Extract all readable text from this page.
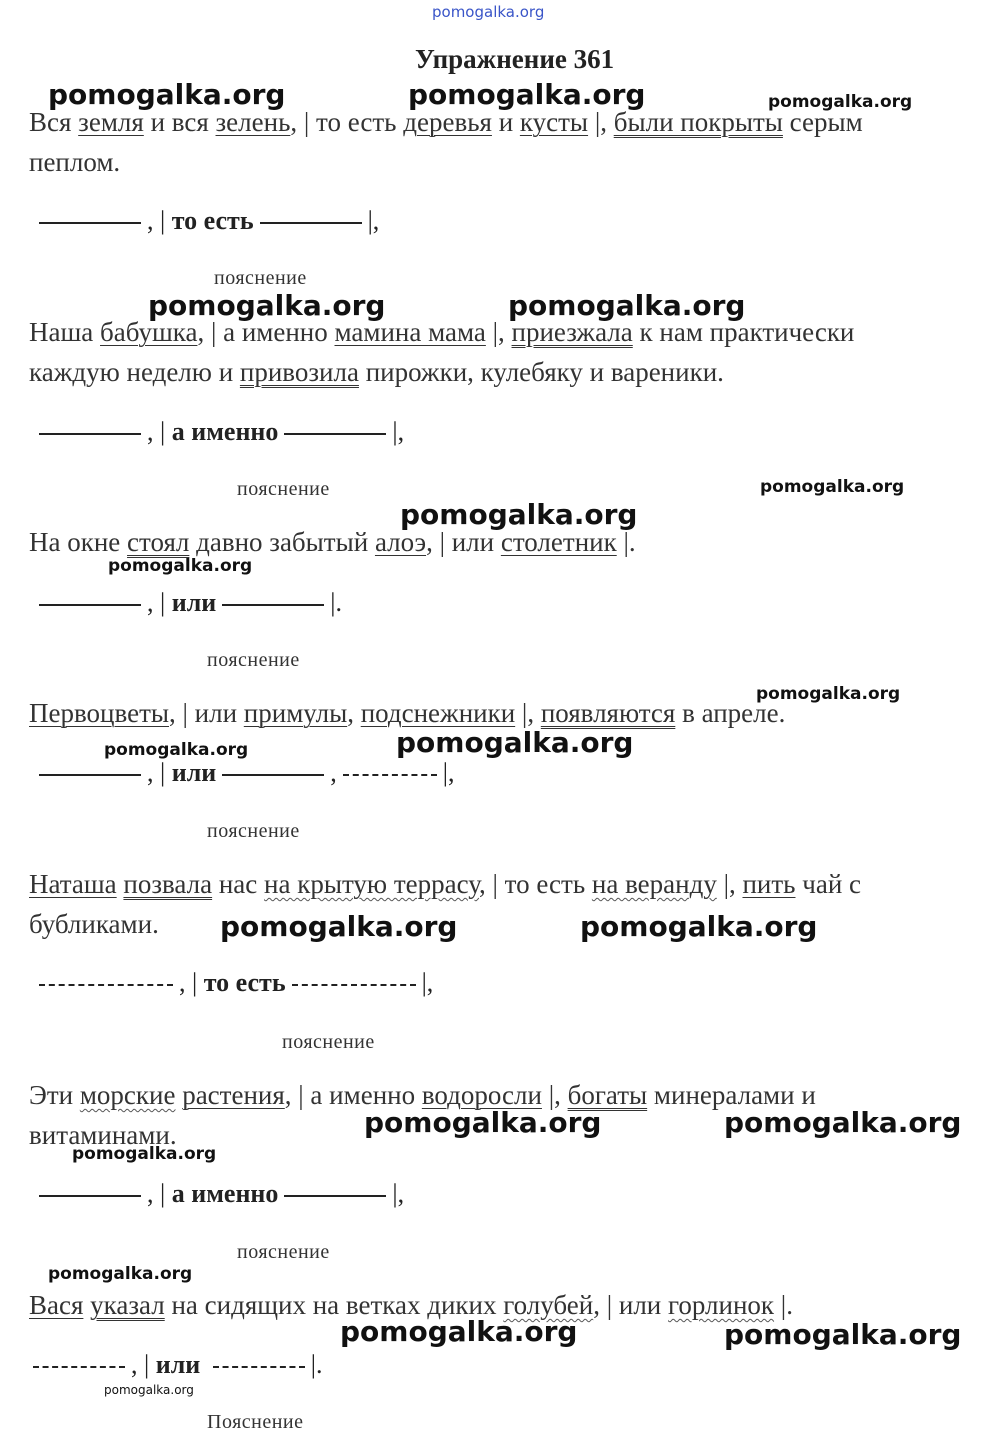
pomogalka.org
Упражнение 361
Вся земля и вся зелень, | то есть деревья и кусты |, были покрыты серым
пеплом.
, | то есть	|,
пояснение
Наша бабушка, | а именно мамина мама |, приезжала к нам практически
каждую неделю и привозила пирожки, кулебяку и вареники.
, | а именно	|,
пояснение
На окне стоял давно забытый алоэ, | или столетник |.
, | или	|.
пояснение
Первоцветы, | или примулы, подснежники |, появляются в апреле.
, | или	,	|,
пояснение
Наташа позвала нас на крытую террасу, | то есть на веранду |, пить чай с
бубликами.
, | то есть	|,
пояснение
Эти морские растения, | а именно водоросли |, богаты минералами и
витаминами.
, | а именно	|,
пояснение
Вася указал на сидящих на ветках диких голубей, | или горлинок |.
, | или	|.
Пояснение
pomogalka.org	pomogalka.org	pomogalka.org
pomogalka.org	pomogalka.org
pomogalka.org
pomogalka.org
pomogalka.org
pomogalka.org
pomogalka.org
pomogalka.org
pomogalka.org	pomogalka.org
pomogalka.org	pomogalka.org
pomogalka.org
pomogalka.org
pomogalka.org	pomogalka.org
pomogalka.org
